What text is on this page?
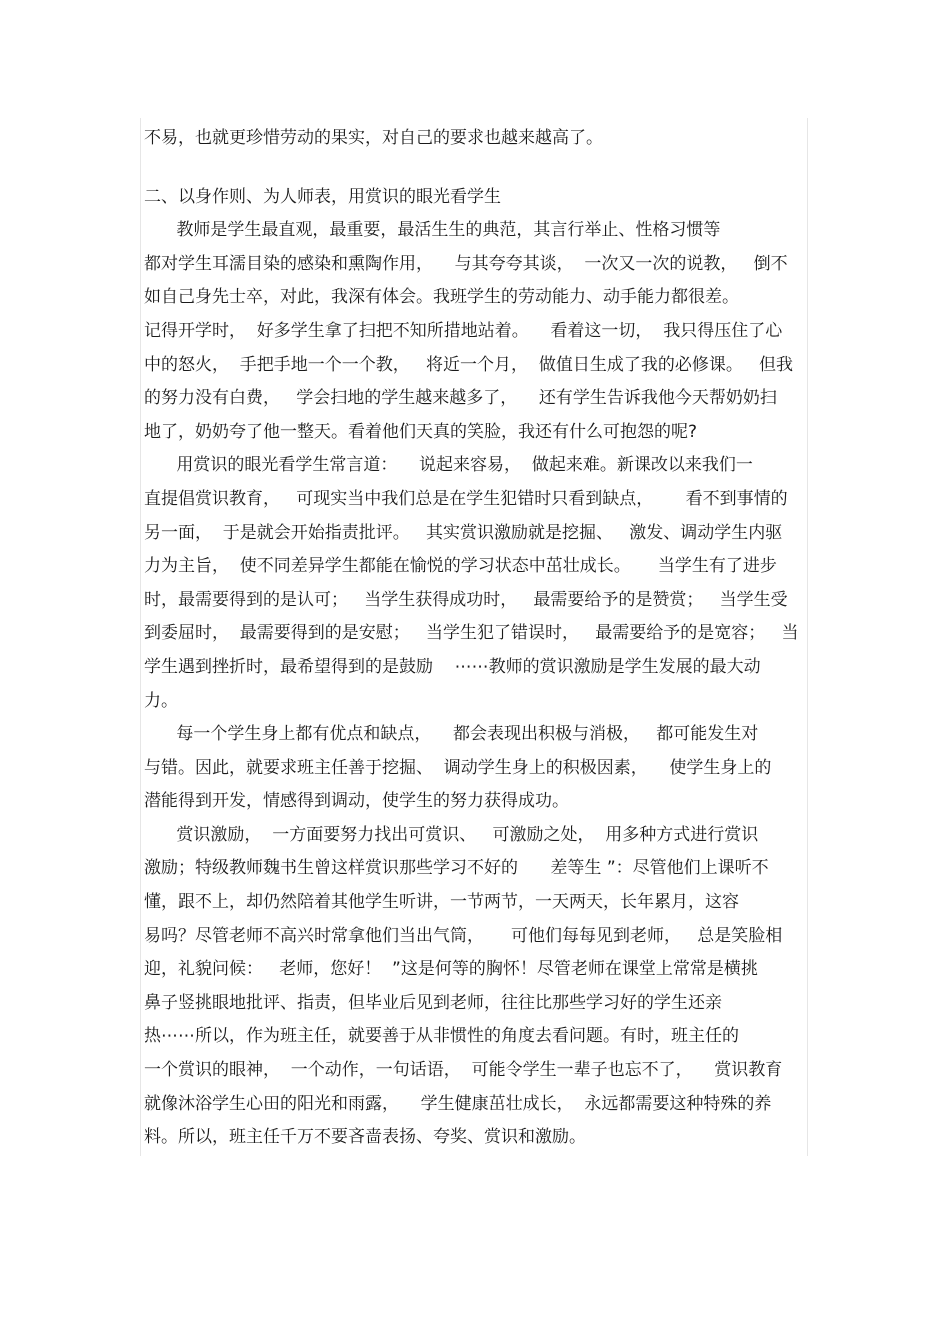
不易，也就更珍惜劳动的果实，对自己的要求也越来越高了。
二、以身作则、为人师表，用赏识的眼光看学生
教师是学生最直观，最重要，最活生生的典范，其言行举止、性格习惯等
都对学生耳濡目染的感染和熏陶作用，    与其夸夸其谈，  一次又一次的说教，   倒不
如自己身先士卒，对此，我深有体会。我班学生的劳动能力、动手能力都很差。
记得开学时，  好多学生拿了扫把不知所措地站着。    看着这一切，  我只得压住了心
中的怒火，  手把手地一个一个教，   将近一个月，  做值日生成了我的必修课。   但我
的努力没有白费，   学会扫地的学生越来越多了，    还有学生告诉我他今天帮奶奶扫
地了，奶奶夸了他一整天。看着他们天真的笑脸，我还有什么可抱怨的呢?
用赏识的眼光看学生常言道：    说起来容易，  做起来难。新课改以来我们一
直提倡赏识教育，   可现实当中我们总是在学生犯错时只看到缺点，      看不到事情的
另一面，  于是就会开始指责批评。   其实赏识激励就是挖掘、   激发、调动学生内驱
力为主旨，  使不同差异学生都能在愉悦的学习状态中茁壮成长。     当学生有了进步
时，最需要得到的是认可；   当学生获得成功时，   最需要给予的是赞赏；   当学生受
到委屈时，  最需要得到的是安慰；   当学生犯了错误时，   最需要给予的是宽容；   当
学生遇到挫折时，最希望得到的是鼓励    ⋯⋯教师的赏识激励是学生发展的最大动
力。
每一个学生身上都有优点和缺点，    都会表现出积极与消极，   都可能发生对
与错。因此，就要求班主任善于挖掘、  调动学生身上的积极因素，    使学生身上的
潜能得到开发，情感得到调动，使学生的努力获得成功。
赏识激励，  一方面要努力找出可赏识、   可激励之处，  用多种方式进行赏识
激励；特级教师魏书生曾这样赏识那些学习不好的      差等生 ”：尽管他们上课听不
懂，跟不上，却仍然陪着其他学生听讲，一节两节，一天两天，长年累月，这容
易吗？尽管老师不高兴时常拿他们当出气筒，     可他们每每见到老师，   总是笑脸相
迎，礼貌问候：   老师，您好！  ”这是何等的胸怀！尽管老师在课堂上常常是横挑
鼻子竖挑眼地批评、指责，但毕业后见到老师，往往比那些学习好的学生还亲
热⋯⋯所以，作为班主任，就要善于从非惯性的角度去看问题。有时，班主任的
一个赏识的眼神，  一个动作，一句话语，  可能令学生一辈子也忘不了，    赏识教育
就像沐浴学生心田的阳光和雨露，    学生健康茁壮成长，  永远都需要这种特殊的养
料。所以，班主任千万不要吝啬表扬、夸奖、赏识和激励。
